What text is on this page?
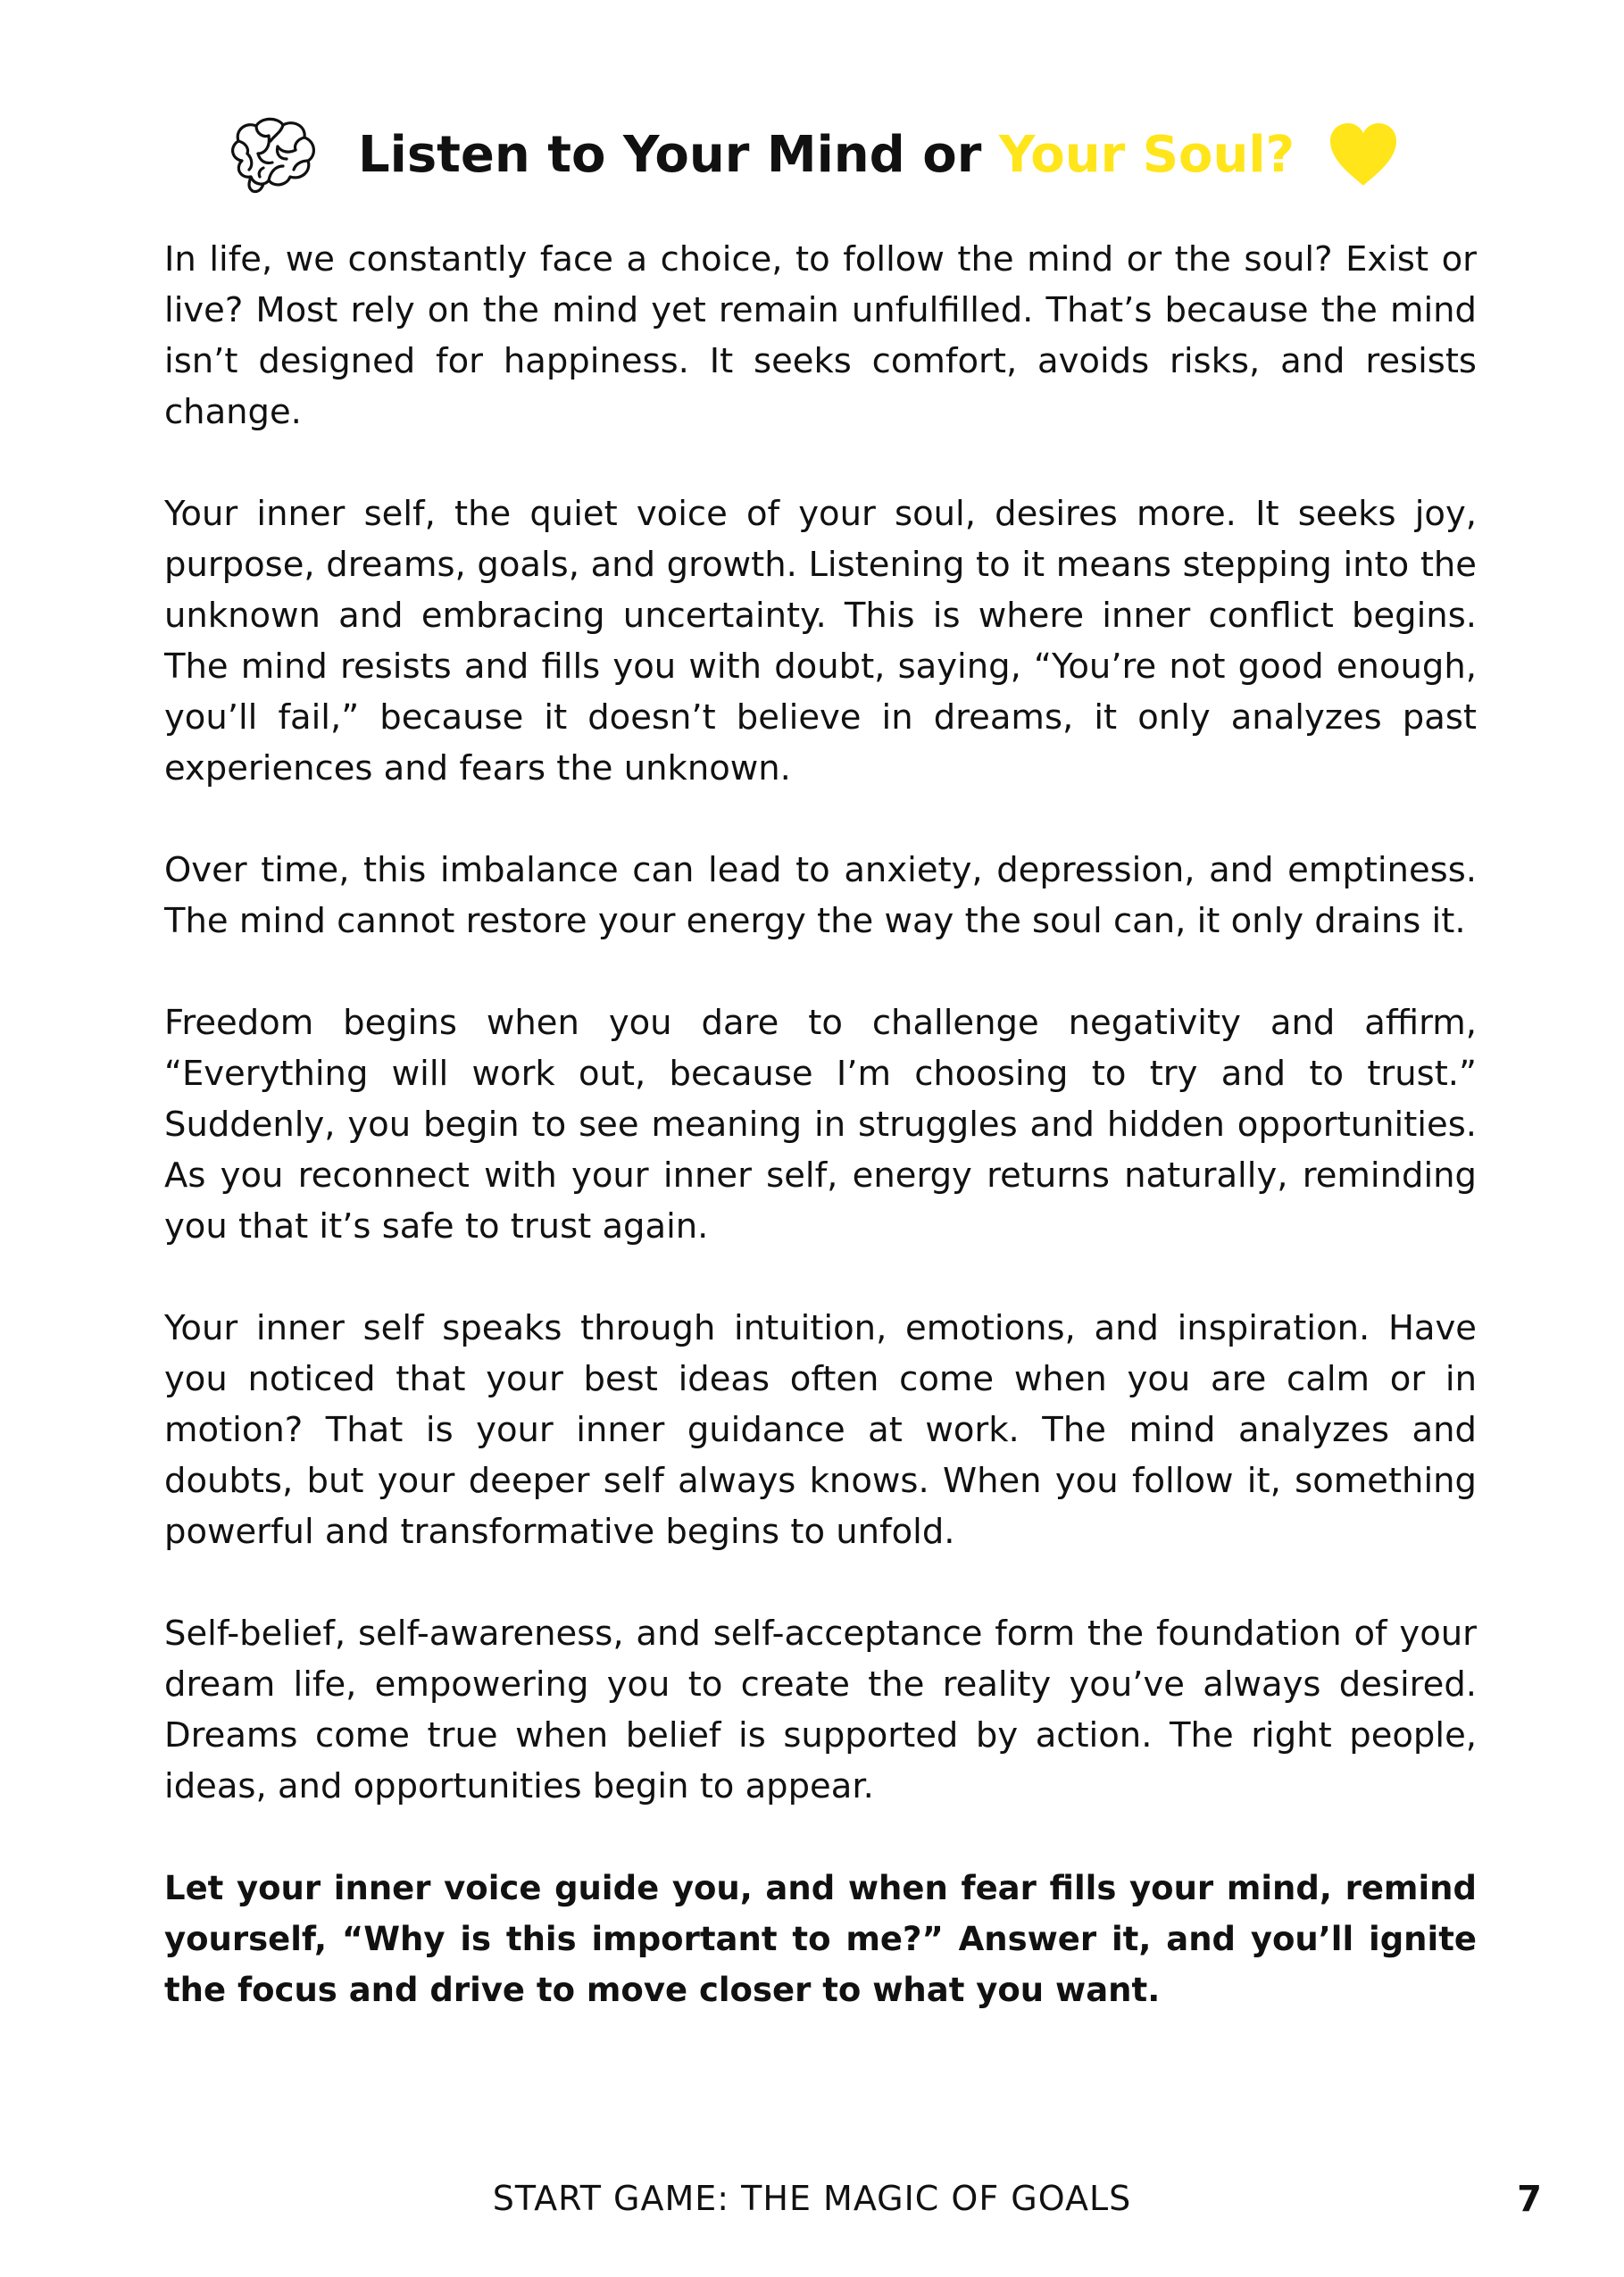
Listen to Your Mind or Your Soul?

In life, we constantly face a choice, to follow the mind or the soul? Exist or live? Most rely on the mind yet remain unfulfilled. That’s because the mind isn’t designed for happiness. It seeks comfort, avoids risks, and resists change.

Your inner self, the quiet voice of your soul, desires more. It seeks joy, purpose, dreams, goals, and growth. Listening to it means stepping into the unknown and embracing uncertainty. This is where inner conflict begins. The mind resists and fills you with doubt, saying, “You’re not good enough, you’ll fail,” because it doesn’t believe in dreams, it only analyzes past experiences and fears the unknown.

Over time, this imbalance can lead to anxiety, depression, and emptiness. The mind cannot restore your energy the way the soul can, it only drains it.

Freedom begins when you dare to challenge negativity and affirm, “Everything will work out, because I’m choosing to try and to trust.” Suddenly, you begin to see meaning in struggles and hidden opportunities. As you reconnect with your inner self, energy returns naturally, reminding you that it’s safe to trust again.

Your inner self speaks through intuition, emotions, and inspiration. Have you noticed that your best ideas often come when you are calm or in motion? That is your inner guidance at work. The mind analyzes and doubts, but your deeper self always knows. When you follow it, something powerful and transformative begins to unfold.

Self-belief, self-awareness, and self-acceptance form the foundation of your dream life, empowering you to create the reality you’ve always desired. Dreams come true when belief is supported by action. The right people, ideas, and opportunities begin to appear.

Let your inner voice guide you, and when fear fills your mind, remind yourself, “Why is this important to me?” Answer it, and you’ll ignite the focus and drive to move closer to what you want.

START GAME: THE MAGIC OF GOALS	7
